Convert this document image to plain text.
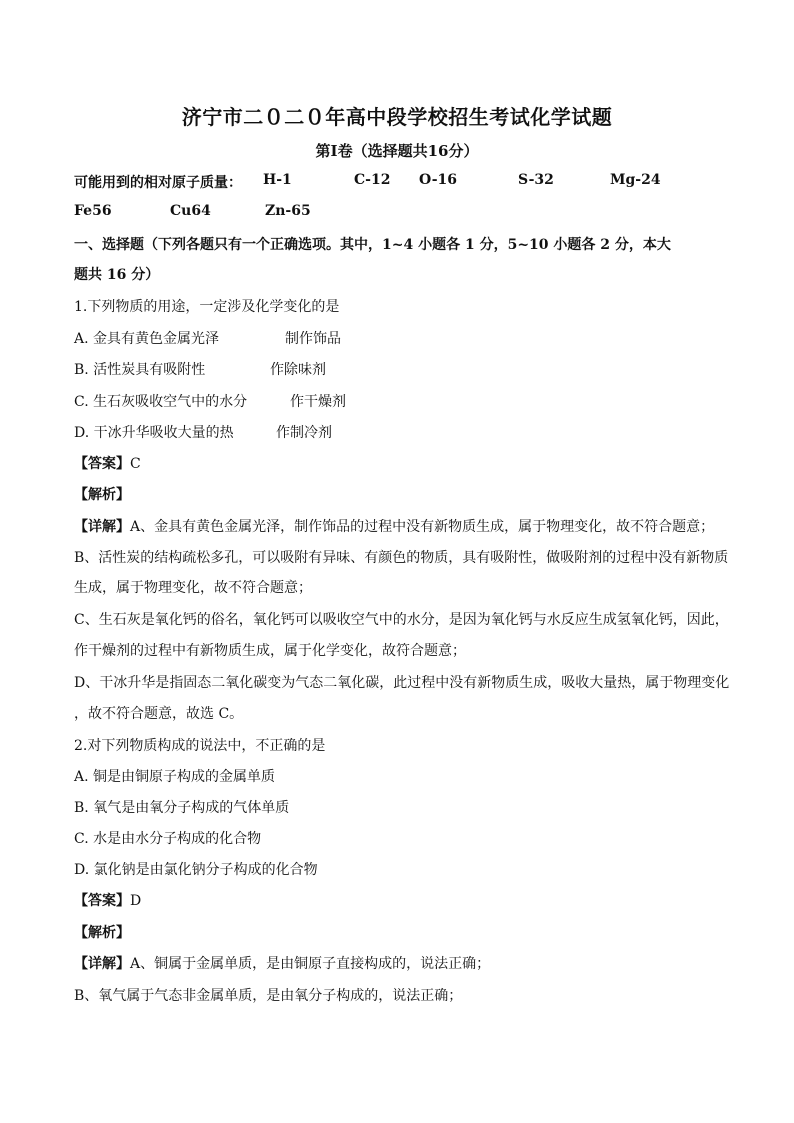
济宁市二０二０年高中段学校招生考试化学试题
第Ⅰ卷（选择题共16分）
可能用到的相对原子质量： H-1	C-12 O-16	S-32	Mg-24
Fe56	Cu64	Zn-65
一、选择题（下列各题只有一个正确选项。其中，1~4 小题各 1 分，5~10 小题各 2 分，本大
题共 16 分）
1.下列物质的用途，一定涉及化学变化的是
A. 金具有黄色金属光泽	制作饰品
B. 活性炭具有吸附性	作除味剂
C. 生石灰吸收空气中的水分	作干燥剂
D. 干冰升华吸收大量的热	作制冷剂
【答案】C
【解析】
【详解】A、金具有黄色金属光泽，制作饰品的过程中没有新物质生成，属于物理变化，故不符合题意；
B、活性炭的结构疏松多孔，可以吸附有异味、有颜色的物质，具有吸附性，做吸附剂的过程中没有新物质
生成，属于物理变化，故不符合题意；
C、生石灰是氧化钙的俗名，氧化钙可以吸收空气中的水分，是因为氧化钙与水反应生成氢氧化钙，因此，
作干燥剂的过程中有新物质生成，属于化学变化，故符合题意；
D、干冰升华是指固态二氧化碳变为气态二氧化碳，此过程中没有新物质生成，吸收大量热，属于物理变化
，故不符合题意，故选 C。
2.对下列物质构成的说法中，不正确的是
A. 铜是由铜原子构成的金属单质
B. 氧气是由氧分子构成的气体单质
C. 水是由水分子构成的化合物
D. 氯化钠是由氯化钠分子构成的化合物
【答案】D
【解析】
【详解】A、铜属于金属单质，是由铜原子直接构成的，说法正确；
B、氧气属于气态非金属单质，是由氧分子构成的，说法正确；
